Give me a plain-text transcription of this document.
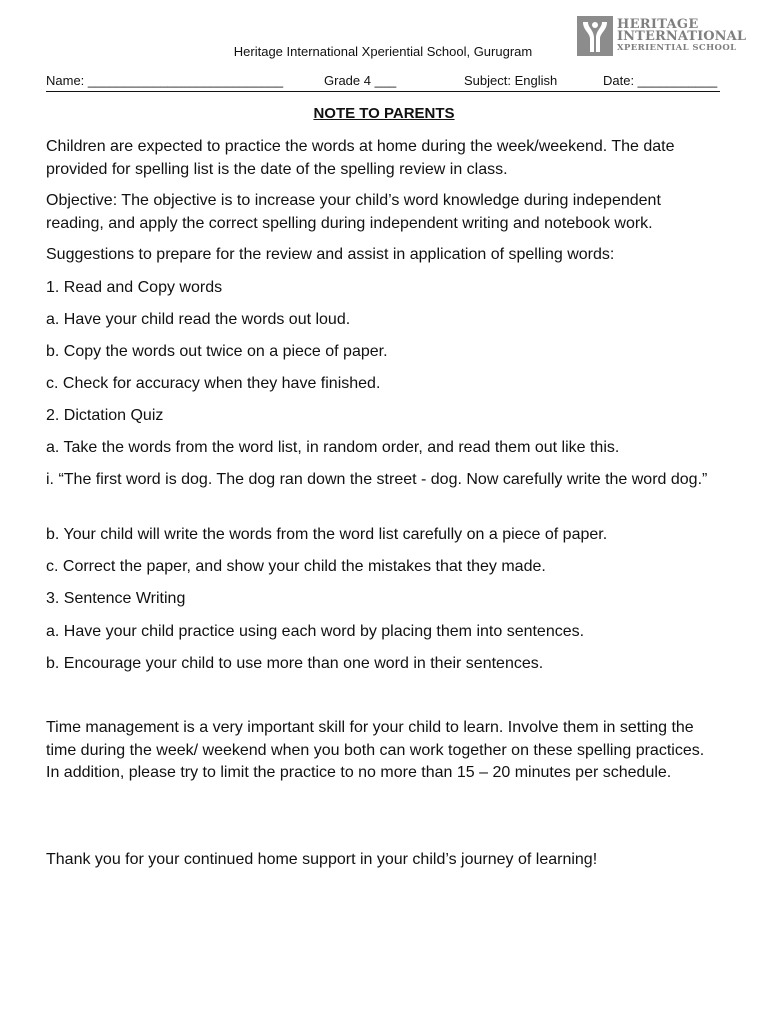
HERITAGE
INTERNATIONAL
XPERIENTIAL SCHOOL
Heritage International Xperiential School, Gurugram
Name: ___________________________	Grade 4 ___	Subject: English	Date: ___________
NOTE TO PARENTS

Children are expected to practice the words at home during the week/weekend. The date provided for spelling list is the date of the spelling review in class.

Objective: The objective is to increase your child’s word knowledge during independent reading, and apply the correct spelling during independent writing and notebook work.

Suggestions to prepare for the review and assist in application of spelling words:

1. Read and Copy words

a. Have your child read the words out loud.

b. Copy the words out twice on a piece of paper.

c. Check for accuracy when they have finished.

2. Dictation Quiz

a. Take the words from the word list, in random order, and read them out like this.

i. “The first word is dog. The dog ran down the street - dog. Now carefully write the word dog.”

b. Your child will write the words from the word list carefully on a piece of paper.

c. Correct the paper, and show your child the mistakes that they made.

3. Sentence Writing

a. Have your child practice using each word by placing them into sentences.

b. Encourage your child to use more than one word in their sentences.

Time management is a very important skill for your child to learn. Involve them in setting the time during the week/ weekend when you both can work together on these spelling practices. In addition, please try to limit the practice to no more than 15 – 20 minutes per schedule.

Thank you for your continued home support in your child’s journey of learning!
